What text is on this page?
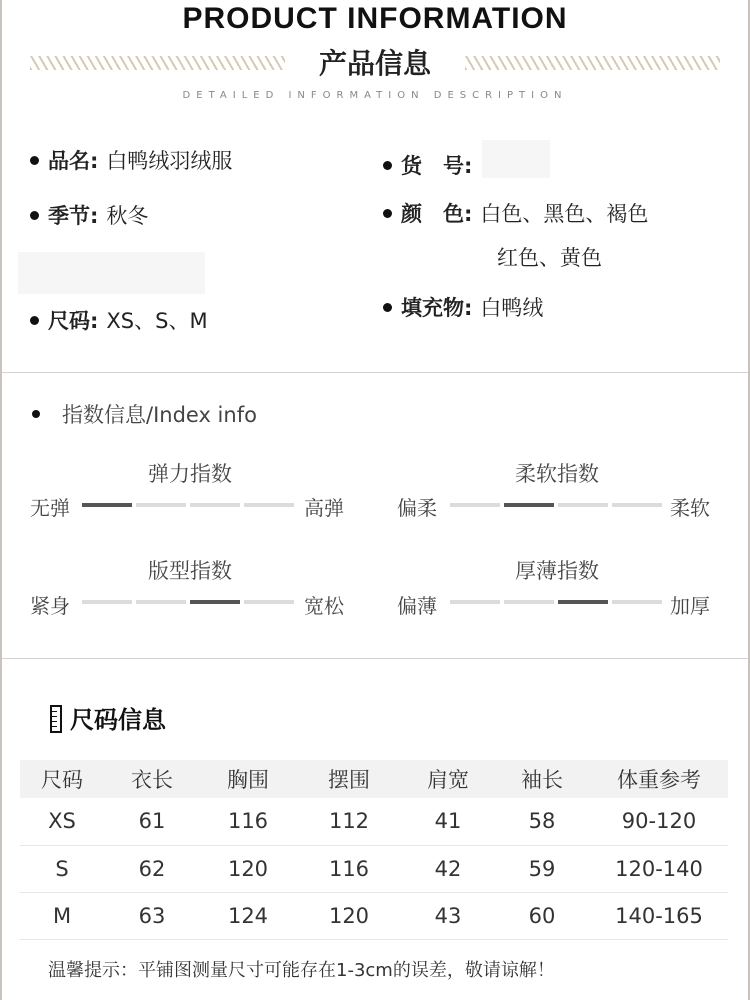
PRODUCT INFORMATION
产品信息
DETAILED INFORMATION DESCRIPTION
品名: 白鸭绒羽绒服
季节: 秋冬
尺码: XS、S、M
货　号:
颜　色: 白色、黑色、褐色
红色、黄色
填充物: 白鸭绒
指数信息/Index info
弹力指数
无弹	高弹
柔软指数
偏柔	柔软
版型指数
紧身	宽松
厚薄指数
偏薄	加厚
尺码信息
尺码	衣长	胸围	摆围	肩宽	袖长	体重参考
XS	61	116	112	41	58	90-120
S	62	120	116	42	59	120-140
M	63	124	120	43	60	140-165
温馨提示：平铺图测量尺寸可能存在1-3cm的误差，敬请谅解！
